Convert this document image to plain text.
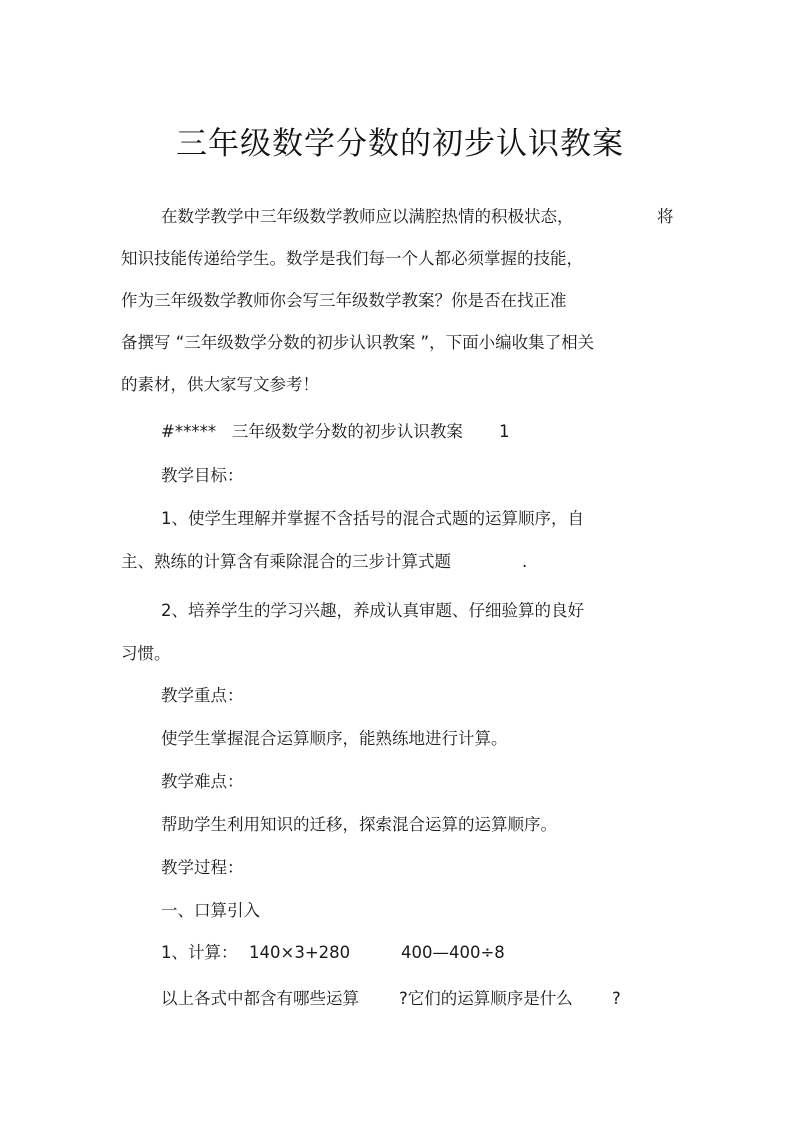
三年级数学分数的初步认识教案
在数学教学中三年级数学教师应以满腔热情的积极状态，	将
知识技能传递给学生。数学是我们每一个人都必须掌握的技能，
作为三年级数学教师你会写三年级数学教案？你是否在找正准
备撰写 “三年级数学分数的初步认识教案 ”，下面小编收集了相关
的素材，供大家写文参考！
#***** 三年级数学分数的初步认识教案 1
教学目标：
1、使学生理解并掌握不含括号的混合式题的运算顺序，自
主、熟练的计算含有乘除混合的三步计算式题	.
2、培养学生的学习兴趣，养成认真审题、仔细验算的良好
习惯。
教学重点：
使学生掌握混合运算顺序，能熟练地进行计算。
教学难点：
帮助学生利用知识的迁移，探索混合运算的运算顺序。
教学过程：
一、口算引入
1、计算： 140×3+280	400—400÷8
以上各式中都含有哪些运算 ?它们的运算顺序是什么 ?
